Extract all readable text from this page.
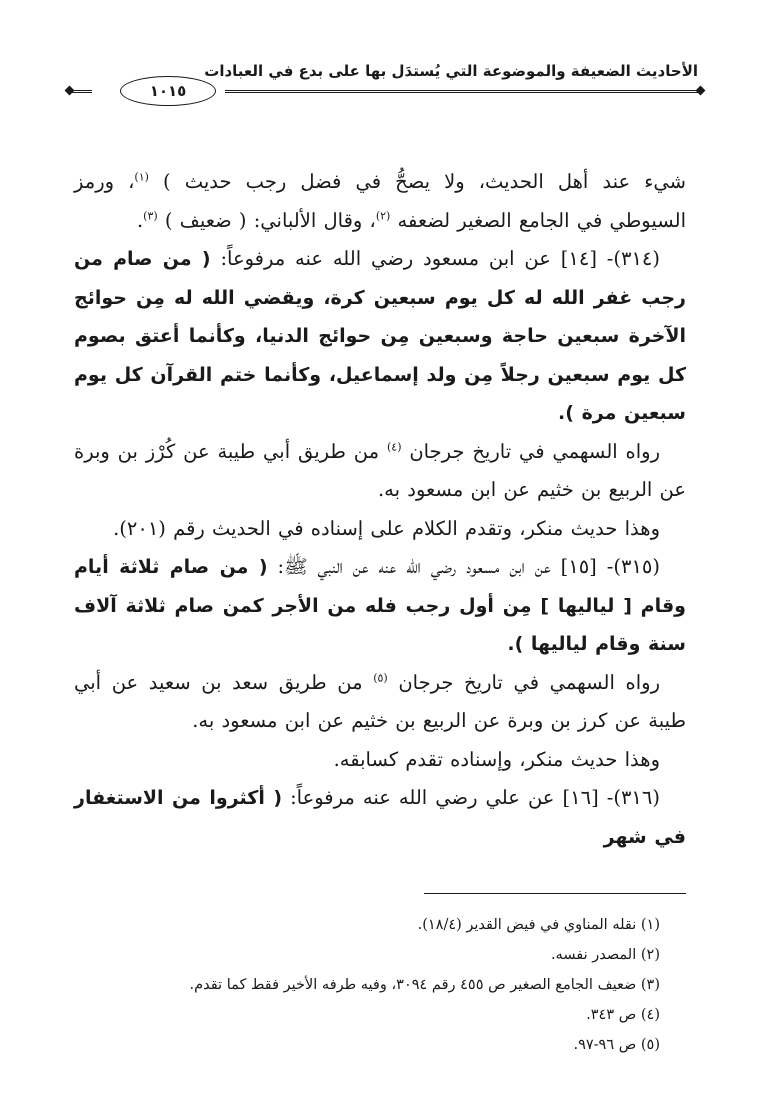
الأحاديث الضعيفة والموضوعة التي يُستدَل بها على بدع في العبادات
١٠١٥

شيء عند أهل الحديث، ولا يصحُّ في فضل رجب حديث ) $^{(١)}$، ورمز السيوطي في الجامع الصغير لضعفه $^{(٢)}$، وقال الألباني: ( ضعيف ) $^{(٣)}$.

(٣١٤)- [١٤] عن ابن مسعود رضي الله عنه مرفوعاً: ( من صام من رجب غفر الله له كل يوم سبعين كرة، ويقضي الله له مِن حوائج الآخرة سبعين حاجة وسبعين مِن حوائج الدنيا، وكأنما أعتق بصوم كل يوم سبعين رجلاً مِن ولد إسماعيل، وكأنما ختم القرآن كل يوم سبعين مرة ).

رواه السهمي في تاريخ جرجان $^{(٤)}$ من طريق أبي طيبة عن كُرْز بن وبرة عن الربيع بن خثيم عن ابن مسعود به.

وهذا حديث منكر، وتقدم الكلام على إسناده في الحديث رقم (٢٠١).

(٣١٥)- [١٥] عن ابن مسعود رضي الله عنه عن النبي ﷺ: ( من صام ثلاثة أيام وقام [ لياليها ] مِن أول رجب فله من الأجر كمن صام ثلاثة آلاف سنة وقام لياليها ).

رواه السهمي في تاريخ جرجان $^{(٥)}$ من طريق سعد بن سعيد عن أبي طيبة عن كرز بن وبرة عن الربيع بن خثيم عن ابن مسعود به.

وهذا حديث منكر، وإسناده تقدم كسابقه.

(٣١٦)- [١٦] عن علي رضي الله عنه مرفوعاً: ( أكثروا من الاستغفار في شهر

(١) نقله المناوي في فيض القدير (١٨/٤).

(٢) المصدر نفسه.

(٣) ضعيف الجامع الصغير ص ٤٥٥ رقم ٣٠٩٤، وفيه طرفه الأخير فقط كما تقدم.

(٤) ص ٣٤٣.

(٥) ص ٩٦-٩٧.
